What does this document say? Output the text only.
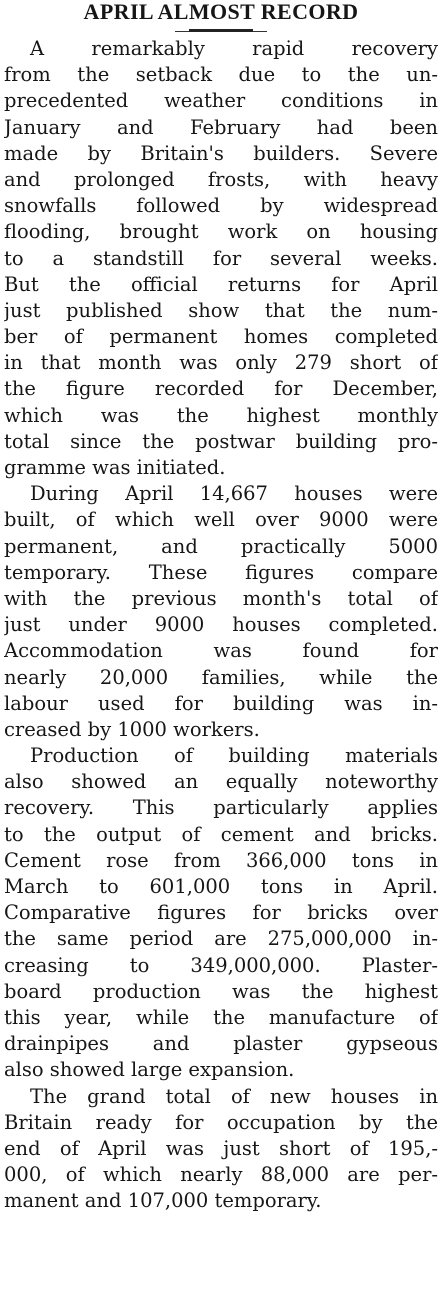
APRIL ALMOST RECORD
A remarkably rapid recovery
from the setback due to the un-
precedented weather conditions in
January and February had been
made by Britain's builders. Severe
and prolonged frosts, with heavy
snowfalls followed by widespread
flooding, brought work on housing
to a standstill for several weeks.
But the official returns for April
just published show that the num-
ber of permanent homes completed
in that month was only 279 short of
the figure recorded for December,
which was the highest monthly
total since the postwar building pro-
gramme was initiated.
During April 14,667 houses were
built, of which well over 9000 were
permanent, and practically 5000
temporary. These figures compare
with the previous month's total of
just under 9000 houses completed.
Accommodation was found for
nearly 20,000 families, while the
labour used for building was in-
creased by 1000 workers.
Production of building materials
also showed an equally noteworthy
recovery. This particularly applies
to the output of cement and bricks.
Cement rose from 366,000 tons in
March to 601,000 tons in April.
Comparative figures for bricks over
the same period are 275,000,000 in-
creasing to 349,000,000. Plaster-
board production was the highest
this year, while the manufacture of
drainpipes and plaster gypseous
also showed large expansion.
The grand total of new houses in
Britain ready for occupation by the
end of April was just short of 195,-
000, of which nearly 88,000 are per-
manent and 107,000 temporary.
